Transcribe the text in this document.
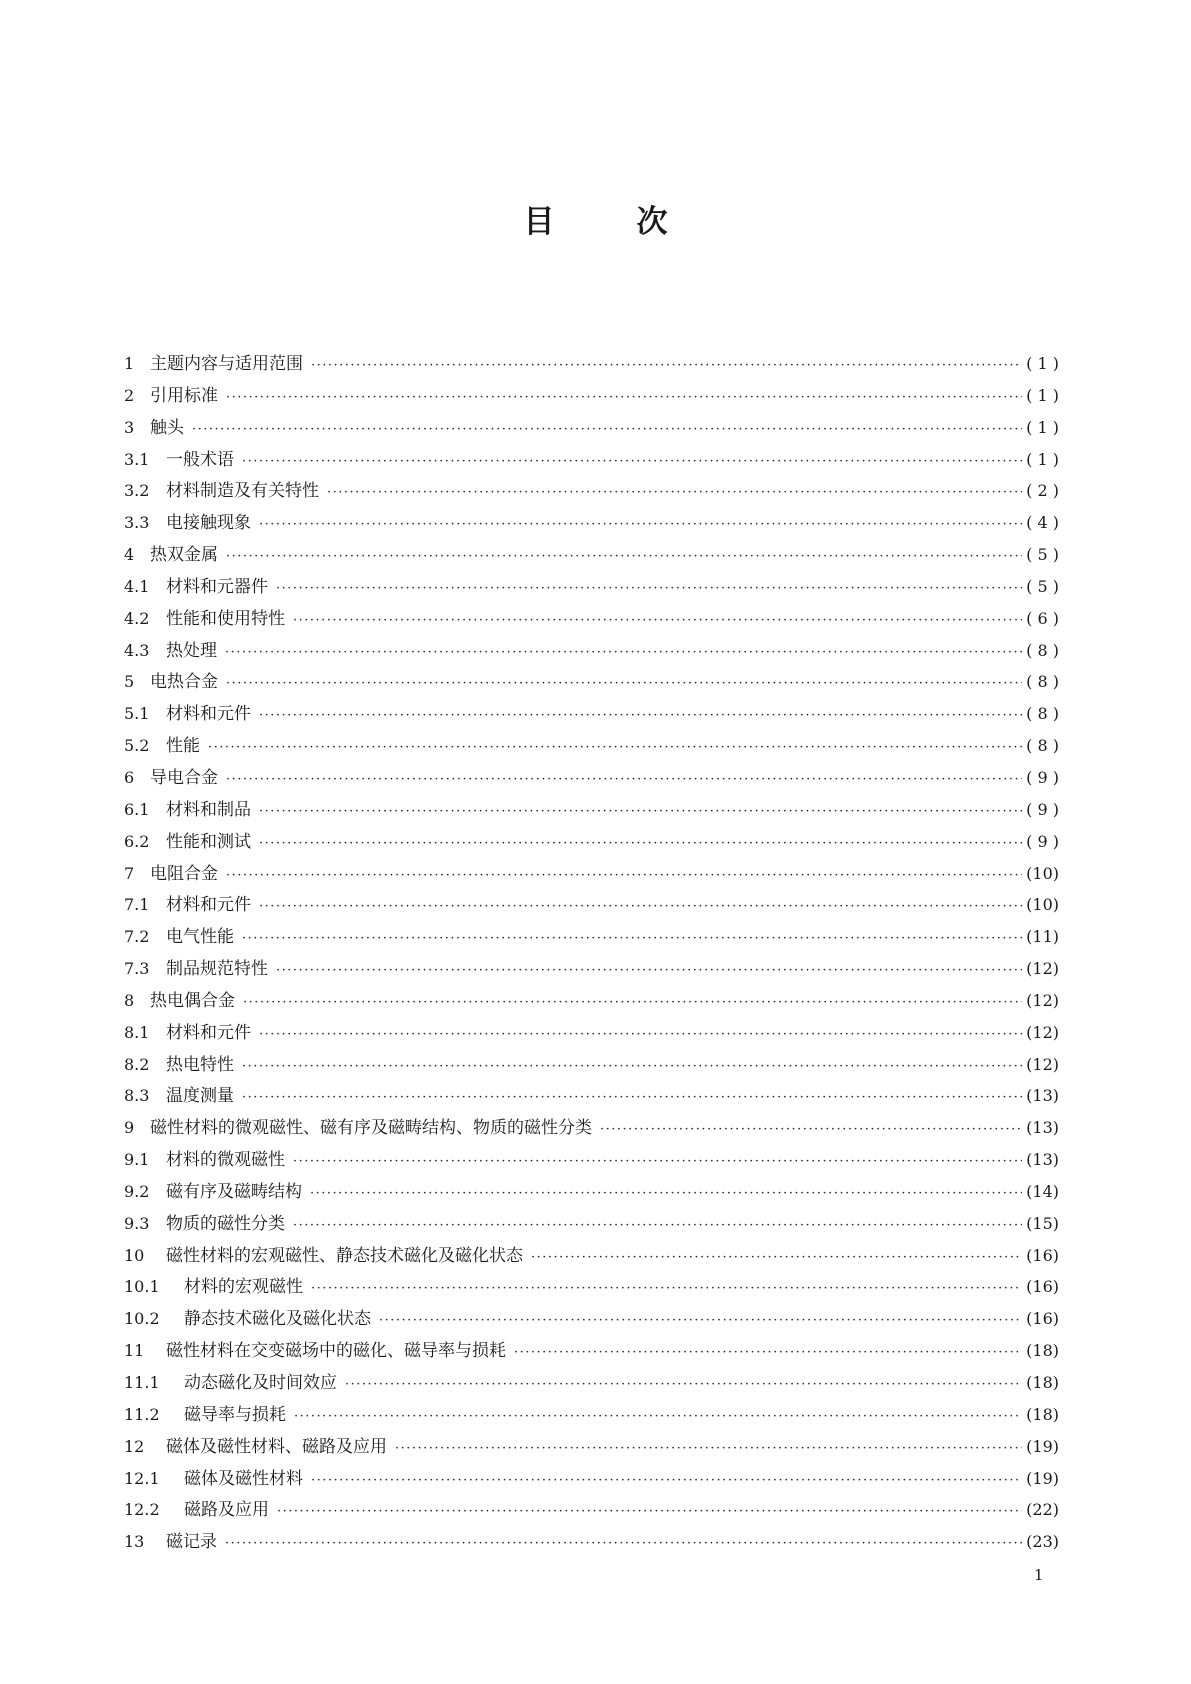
目次
1 主题内容与适用范围 ·····	( 1 )
2 引用标准 ·····	( 1 )
3 触头 ·····	( 1 )
3.1 一般术语 ·····	( 1 )
3.2 材料制造及有关特性 ·····	( 2 )
3.3 电接触现象 ·····	( 4 )
4 热双金属 ·····	( 5 )
4.1 材料和元器件 ·····	( 5 )
4.2 性能和使用特性 ·····	( 6 )
4.3 热处理 ·····	( 8 )
5 电热合金 ·····	( 8 )
5.1 材料和元件 ·····	( 8 )
5.2 性能 ·····	( 8 )
6 导电合金 ·····	( 9 )
6.1 材料和制品 ·····	( 9 )
6.2 性能和测试 ·····	( 9 )
7 电阻合金 ·····	(10)
7.1 材料和元件 ·····	(10)
7.2 电气性能 ·····	(11)
7.3 制品规范特性 ·····	(12)
8 热电偶合金 ·····	(12)
8.1 材料和元件 ·····	(12)
8.2 热电特性 ·····	(12)
8.3 温度测量 ·····	(13)
9 磁性材料的微观磁性、磁有序及磁畴结构、物质的磁性分类 ·····	(13)
9.1 材料的微观磁性 ·····	(13)
9.2 磁有序及磁畴结构 ·····	(14)
9.3 物质的磁性分类 ·····	(15)
10	磁性材料的宏观磁性、静态技术磁化及磁化状态 ·····	(16)
10.1	材料的宏观磁性 ·····	(16)
10.2	静态技术磁化及磁化状态 ·····	(16)
11	磁性材料在交变磁场中的磁化、磁导率与损耗 ·····	(18)
11.1	动态磁化及时间效应 ·····	(18)
11.2	磁导率与损耗 ·····	(18)
12	磁体及磁性材料、磁路及应用 ·····	(19)
12.1	磁体及磁性材料 ·····	(19)
12.2	磁路及应用 ·····	(22)
13	磁记录 ·····	(23)
1
